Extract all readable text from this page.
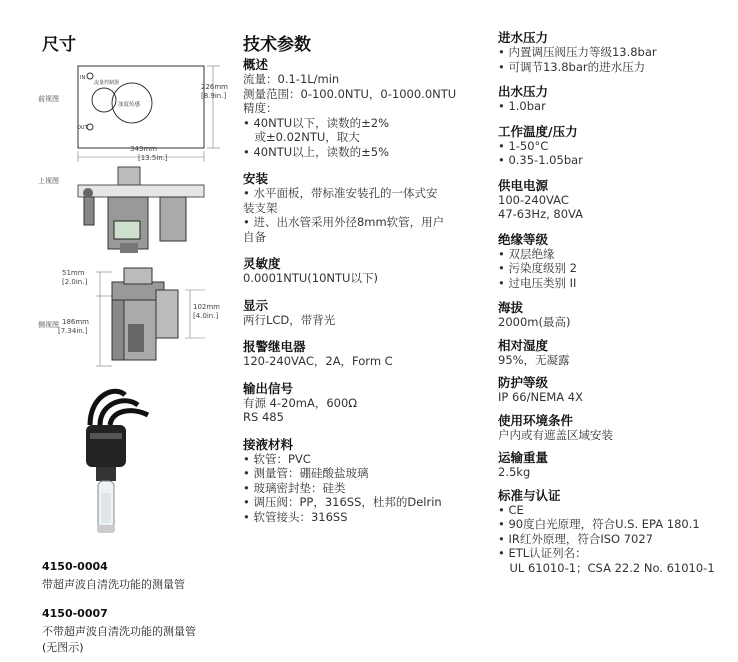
尺寸
前视图
IN
OUT
流量控制器
浊度传感
226mm
[8.9in.]
343mm
[13.5in.]
上视图
侧视图
51mm
[2.0in.]
186mm
[7.34in.]
102mm
[4.0in.]
4150-0004
带超声波自清洗功能的测量管
4150-0007
不带超声波自清洗功能的测量管
(无图示)
技术参数
概述
流量：0.1-1L/min
测量范围：0-100.0NTU，0-1000.0NTU
精度：
• 40NTU以下，读数的±2%
　或±0.02NTU，取大
• 40NTU以上，读数的±5%
安装
• 水平面板，带标准安装孔的一体式安
装支架
• 进、出水管采用外径8mm软管，用户
自备
灵敏度
0.0001NTU(10NTU以下)
显示
两行LCD，带背光
报警继电器
120-240VAC，2A，Form C
输出信号
有源 4-20mA，600Ω
RS 485
接液材料
• 软管：PVC
• 测量管：硼硅酸盐玻璃
• 玻璃密封垫：硅类
• 调压阀：PP，316SS，杜邦的Delrin
• 软管接头：316SS
进水压力
• 内置调压阀压力等级13.8bar
• 可调节13.8bar的进水压力
出水压力
• 1.0bar
工作温度/压力
• 1-50°C
• 0.35-1.05bar
供电电源
100-240VAC
47-63Hz, 80VA
绝缘等级
• 双层绝缘
• 污染度级别 2
• 过电压类别 II
海拔
2000m(最高)
相对湿度
95%，无凝露
防护等级
IP 66/NEMA 4X
使用环境条件
户内或有遮盖区域安装
运输重量
2.5kg
标准与认证
• CE
• 90度白光原理，符合U.S. EPA 180.1
• IR红外原理，符合ISO 7027
• ETL认证列名：
　UL 61010-1；CSA 22.2 No. 61010-1
